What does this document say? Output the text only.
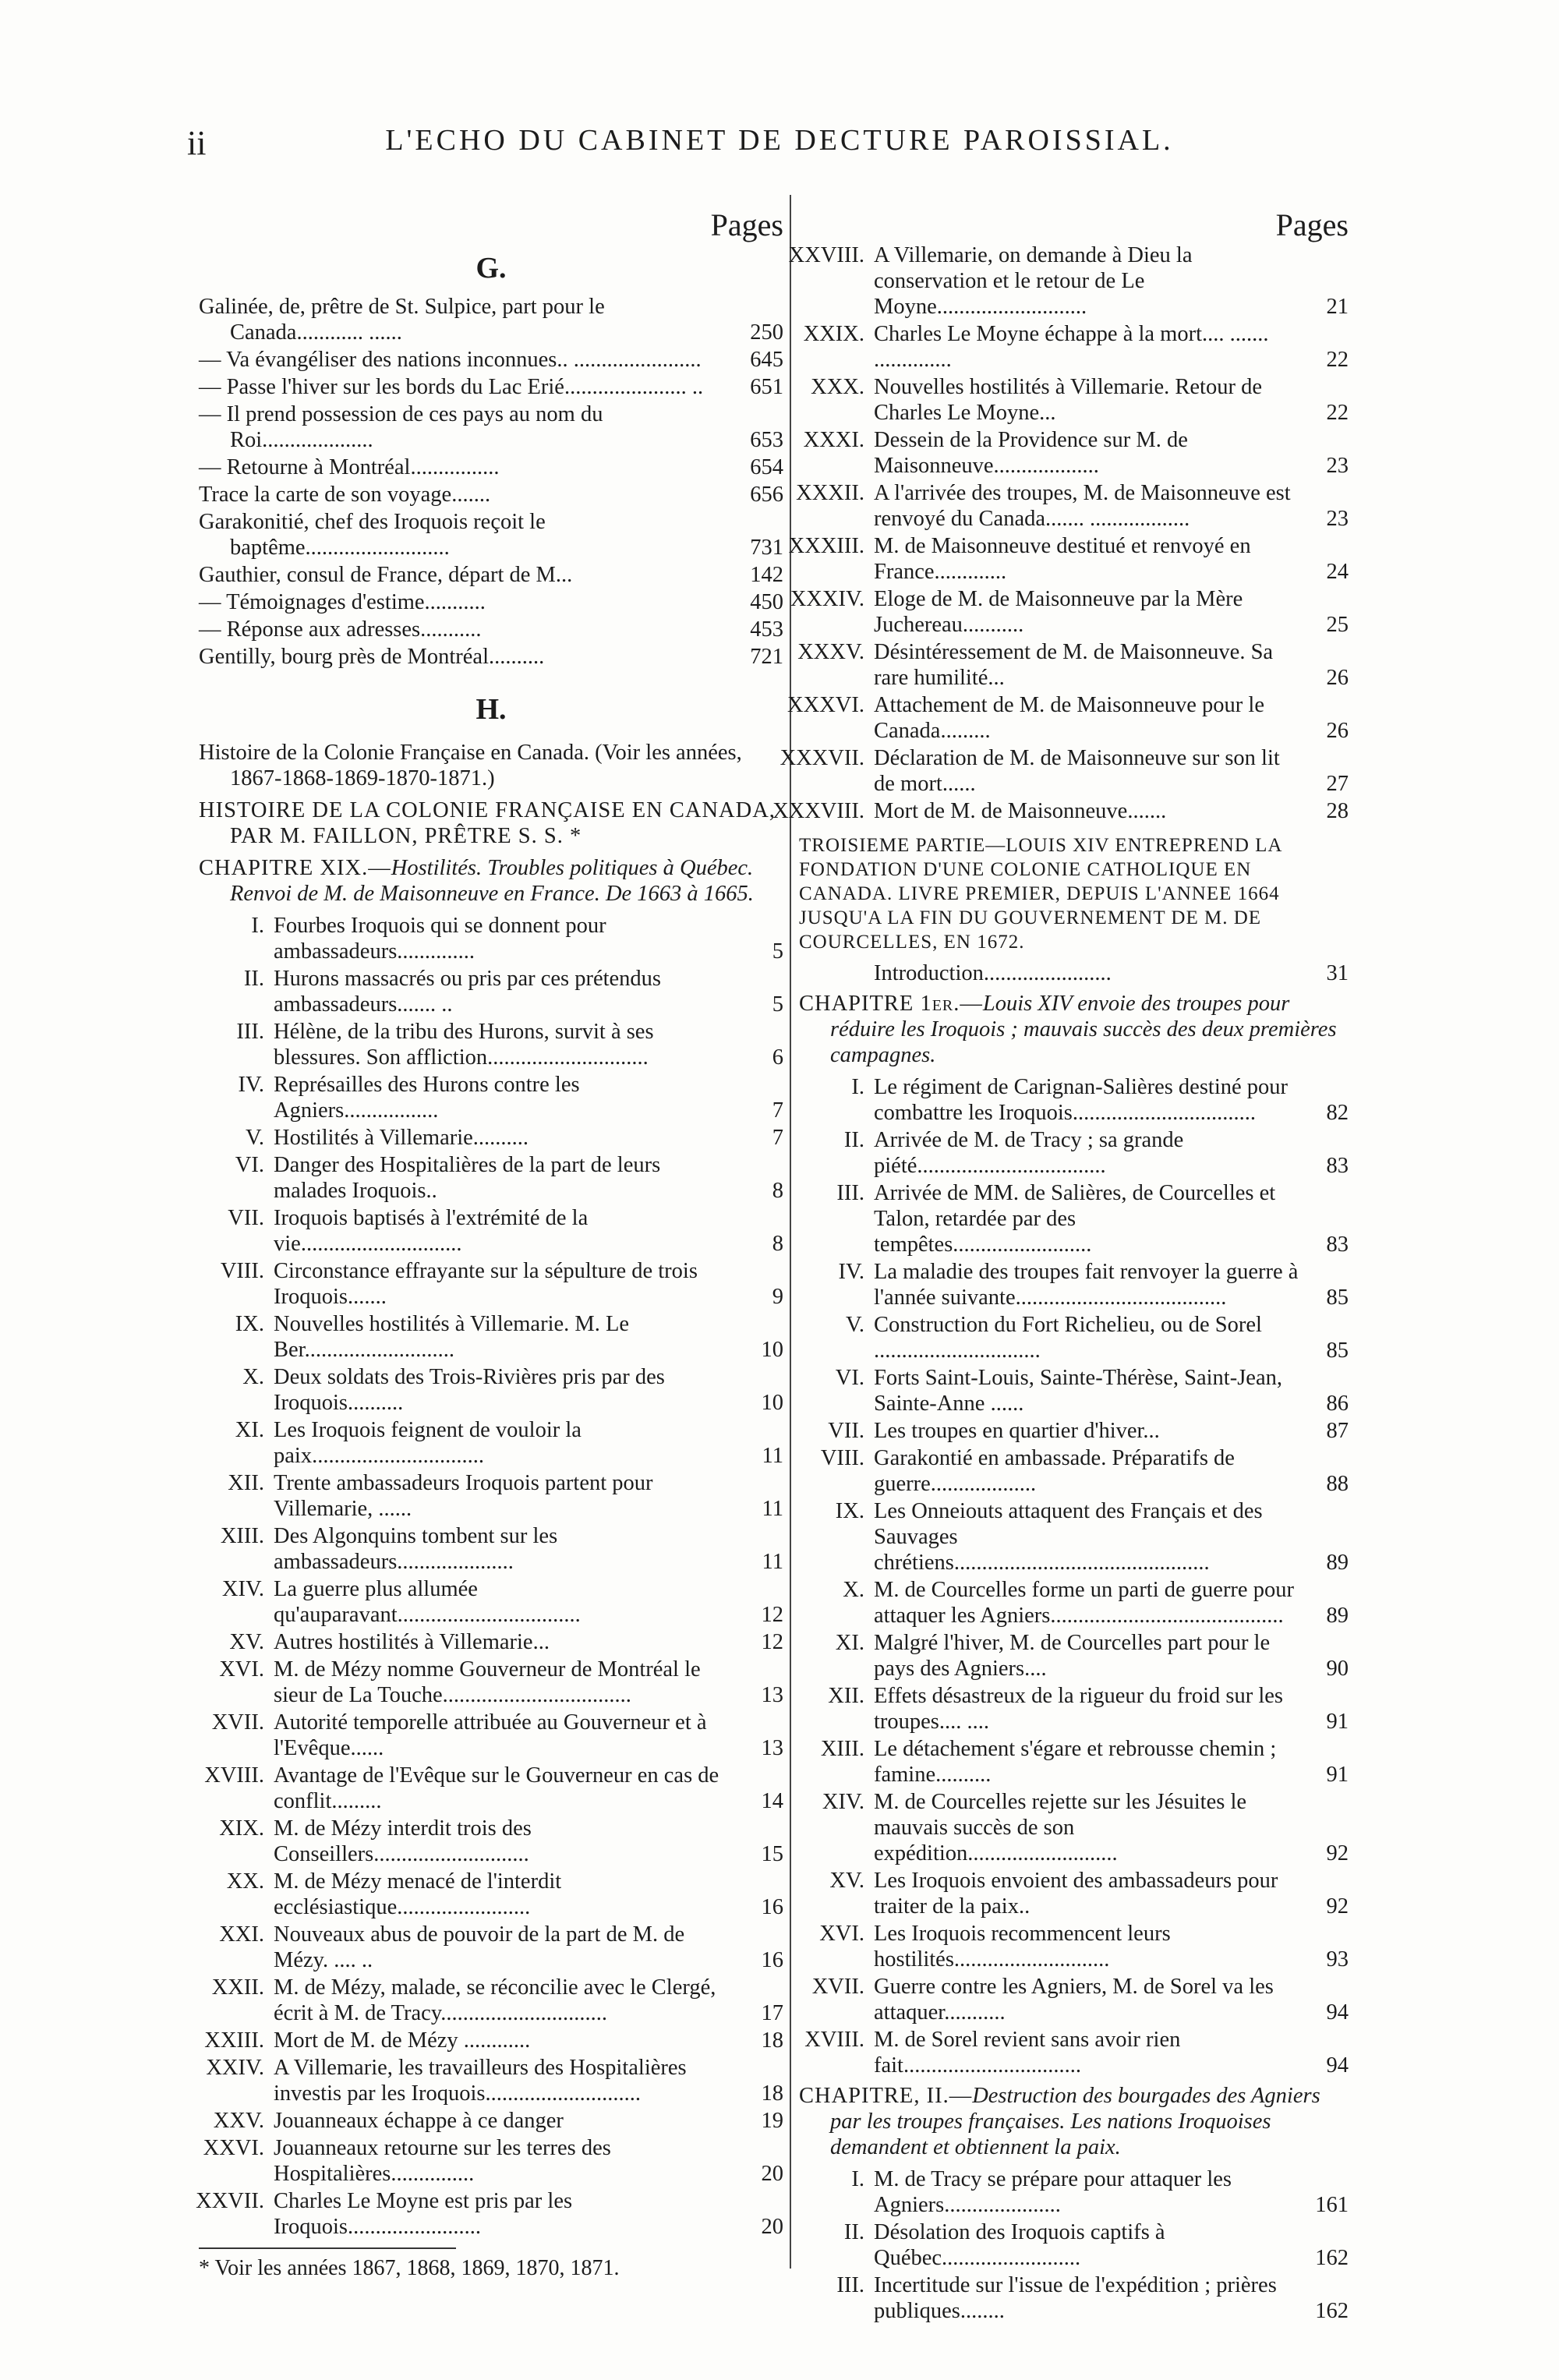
ii	L'ECHO DU CABINET DE DECTURE PAROISSIAL.
Pages
G.
Galinée, de, prêtre de St. Sulpice, part pour le Canada............ ......	250
— Va évangéliser des nations inconnues.. .......................	645
— Passe l'hiver sur les bords du Lac Erié...................... ..	651
— Il prend possession de ces pays au nom du Roi....................	653
— Retourne à Montréal................	654
Trace la carte de son voyage.......	656
Garakonitié, chef des Iroquois reçoit le baptême..........................	731
Gauthier, consul de France, départ de M...	142
— Témoignages d'estime...........	450
— Réponse aux adresses...........	453
Gentilly, bourg près de Montréal..........	721
H.
Histoire de la Colonie Française en Canada. (Voir les années, 1867-1868-1869-1870-1871.)
HISTOIRE DE LA COLONIE FRANÇAISE EN CANADA, PAR M. FAILLON, PRÊTRE S. S. *
CHAPITRE XIX.—Hostilités. Troubles politiques à Québec. Renvoi de M. de Maisonneuve en France. De 1663 à 1665.
I. Fourbes Iroquois qui se donnent pour ambassadeurs..............	5
II. Hurons massacrés ou pris par ces prétendus ambassadeurs....... ..	5
III. Hélène, de la tribu des Hurons, survit à ses blessures. Son affliction.............................	6
IV. Représailles des Hurons contre les Agniers.................	7
V. Hostilités à Villemarie..........	7
VI. Danger des Hospitalières de la part de leurs malades Iroquois..	8
VII. Iroquois baptisés à l'extrémité de la vie.............................	8
VIII. Circonstance effrayante sur la sépulture de trois Iroquois.......	9
IX. Nouvelles hostilités à Villemarie. M. Le Ber...........................	10
X. Deux soldats des Trois-Rivières pris par des Iroquois..........	10
XI. Les Iroquois feignent de vouloir la paix...............................	11
XII. Trente ambassadeurs Iroquois partent pour Villemarie, ......	11
XIII. Des Algonquins tombent sur les ambassadeurs.....................	11
XIV. La guerre plus allumée qu'auparavant.................................	12
XV. Autres hostilités à Villemarie...	12
XVI. M. de Mézy nomme Gouverneur de Montréal le sieur de La Touche..................................	13
XVII. Autorité temporelle attribuée au Gouverneur et à l'Evêque......	13
XVIII. Avantage de l'Evêque sur le Gouverneur en cas de conflit.........	14
XIX. M. de Mézy interdit trois des Conseillers............................	15
XX. M. de Mézy menacé de l'interdit ecclésiastique........................	16
XXI. Nouveaux abus de pouvoir de la part de M. de Mézy. .... ..	16
XXII. M. de Mézy, malade, se réconcilie avec le Clergé, écrit à M. de Tracy..............................	17
XXIII. Mort de M. de Mézy ............	18
XXIV. A Villemarie, les travailleurs des Hospitalières investis par les Iroquois............................	18
XXV. Jouanneaux échappe à ce danger	19
XXVI. Jouanneaux retourne sur les terres des Hospitalières...............	20
XXVII. Charles Le Moyne est pris par les Iroquois........................	20
* Voir les années 1867, 1868, 1869, 1870, 1871.
Pages
XXVIII. A Villemarie, on demande à Dieu la conservation et le retour de Le Moyne...........................	21
XXIX. Charles Le Moyne échappe à la mort.... ....... ..............	22
XXX. Nouvelles hostilités à Villemarie. Retour de Charles Le Moyne...	22
XXXI. Dessein de la Providence sur M. de Maisonneuve...................	23
XXXII. A l'arrivée des troupes, M. de Maisonneuve est renvoyé du Canada....... ..................	23
XXXIII. M. de Maisonneuve destitué et renvoyé en France.............	24
XXXIV. Eloge de M. de Maisonneuve par la Mère Juchereau...........	25
XXXV. Désintéressement de M. de Maisonneuve. Sa rare humilité...	26
XXXVI. Attachement de M. de Maisonneuve pour le Canada.........	26
XXXVII. Déclaration de M. de Maisonneuve sur son lit de mort......	27
XXXVIII. Mort de M. de Maisonneuve.......	28
TROISIEME PARTIE—LOUIS XIV ENTREPREND LA FONDATION D'UNE COLONIE CATHOLIQUE EN CANADA. LIVRE PREMIER, DEPUIS L'ANNEE 1664 JUSQU'A LA FIN DU GOUVERNEMENT DE M. DE COURCELLES, EN 1672.
Introduction.......................	31
CHAPITRE 1er.—Louis XIV envoie des troupes pour réduire les Iroquois ; mauvais succès des deux premières campagnes.
I. Le régiment de Carignan-Salières destiné pour combattre les Iroquois.................................	82
II. Arrivée de M. de Tracy ; sa grande piété..................................	83
III. Arrivée de MM. de Salières, de Courcelles et Talon, retardée par des tempêtes.........................	83
IV. La maladie des troupes fait renvoyer la guerre à l'année suivante......................................	85
V. Construction du Fort Richelieu, ou de Sorel ..............................	85
VI. Forts Saint-Louis, Sainte-Thérèse, Saint-Jean, Sainte-Anne ......	86
VII. Les troupes en quartier d'hiver...	87
VIII. Garakontié en ambassade. Préparatifs de guerre...................	88
IX. Les Onneiouts attaquent des Français et des Sauvages chrétiens..............................................	89
X. M. de Courcelles forme un parti de guerre pour attaquer les Agniers..........................................	89
XI. Malgré l'hiver, M. de Courcelles part pour le pays des Agniers....	90
XII. Effets désastreux de la rigueur du froid sur les troupes.... ....	91
XIII. Le détachement s'égare et rebrousse chemin ; famine..........	91
XIV. M. de Courcelles rejette sur les Jésuites le mauvais succès de son expédition...........................	92
XV. Les Iroquois envoient des ambassadeurs pour traiter de la paix..	92
XVI. Les Iroquois recommencent leurs hostilités............................	93
XVII. Guerre contre les Agniers, M. de Sorel va les attaquer...........	94
XVIII. M. de Sorel revient sans avoir rien fait................................	94
CHAPITRE, II.—Destruction des bourgades des Agniers par les troupes françaises. Les nations Iroquoises demandent et obtiennent la paix.
I. M. de Tracy se prépare pour attaquer les Agniers.....................	161
II. Désolation des Iroquois captifs à Québec.........................	162
III. Incertitude sur l'issue de l'expédition ; prières publiques........	162
